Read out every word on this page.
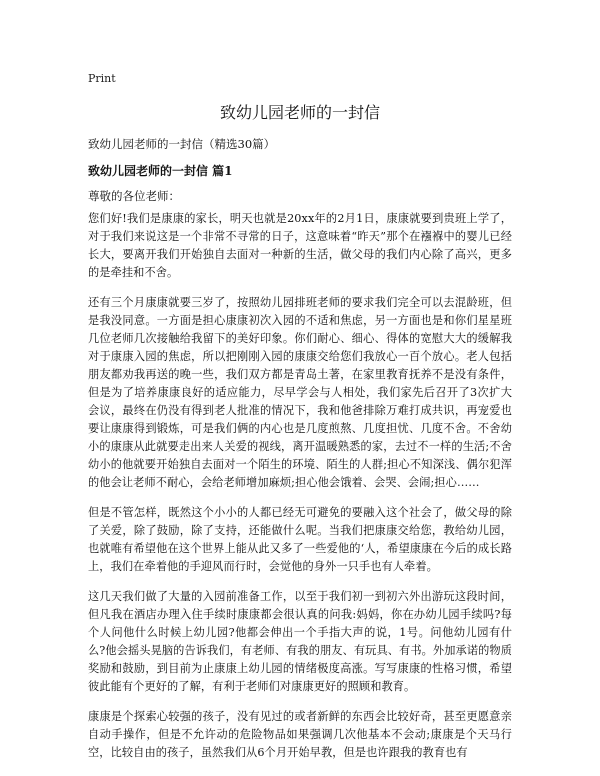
Print
致幼儿园老师的一封信
致幼儿园老师的一封信（精选30篇）
致幼儿园老师的一封信 篇1
尊敬的各位老师：

您们好!我们是康康的家长，明天也就是20xx年的2月1日，康康就要到贵班上学了，对于我们来说这是一个非常不寻常的日子，这意味着“昨天”那个在襁褓中的婴儿已经长大，要离开我们开始独自去面对一种新的生活，做父母的我们内心除了高兴，更多的是牵挂和不舍。

还有三个月康康就要三岁了，按照幼儿园排班老师的要求我们完全可以去混龄班，但是我没同意。一方面是担心康康初次入园的不适和焦虑，另一方面也是和你们星星班几位老师几次接触给我留下的美好印象。你们耐心、细心、得体的宽慰大大的缓解我对于康康入园的焦虑，所以把刚刚入园的康康交给您们我放心一百个放心。老人包括朋友都劝我再送的晚一些，我们双方都是青岛土著，在家里教育抚养不是没有条件，但是为了培养康康良好的适应能力，尽早学会与人相处，我们家先后召开了3次扩大会议，最终在仍没有得到老人批准的情况下，我和他爸排除万难打成共识，再宠爱也要让康康得到锻炼，可是我们俩的内心也是几度煎熬、几度担忧、几度不舍。不舍幼小的康康从此就要走出来人关爱的视线，离开温暖熟悉的家，去过不一样的生活;不舍幼小的他就要开始独自去面对一个陌生的环境、陌生的人群;担心不知深浅、偶尔犯浑的他会让老师不耐心，会给老师增加麻烦;担心他会饿着、会哭、会闹;担心……

但是不管怎样，既然这个小小的人都已经无可避免的要融入这个社会了，做父母的除了关爱，除了鼓励，除了支持，还能做什么呢。当我们把康康交给您，教给幼儿园，也就唯有希望他在这个世界上能从此又多了一些爱他的‘人，希望康康在今后的成长路上，我们在牵着他的手迎风而行时，会觉他的身外一只手也有人牵着。

这几天我们做了大量的入园前准备工作，以至于我们初一到初六外出游玩这段时间，但凡我在酒店办理入住手续时康康都会很认真的问我:妈妈，你在办幼儿园手续吗?每个人问他什么时候上幼儿园?他都会伸出一个手指大声的说，1号。问他幼儿园有什么?他会摇头晃脑的告诉我们，有老师、有我的朋友、有玩具、有书。外加承诺的物质奖励和鼓励，到目前为止康康上幼儿园的情绪极度高涨。写写康康的性格习惯，希望彼此能有个更好的了解，有利于老师们对康康更好的照顾和教育。

康康是个探索心较强的孩子，没有见过的或者新鲜的东西会比较好奇，甚至更愿意亲自动手操作，但是不允许动的危险物品如果强调几次他基本不会动;康康是个天马行空，比较自由的孩子，虽然我们从6个月开始早教，但是也许跟我的教育也有
